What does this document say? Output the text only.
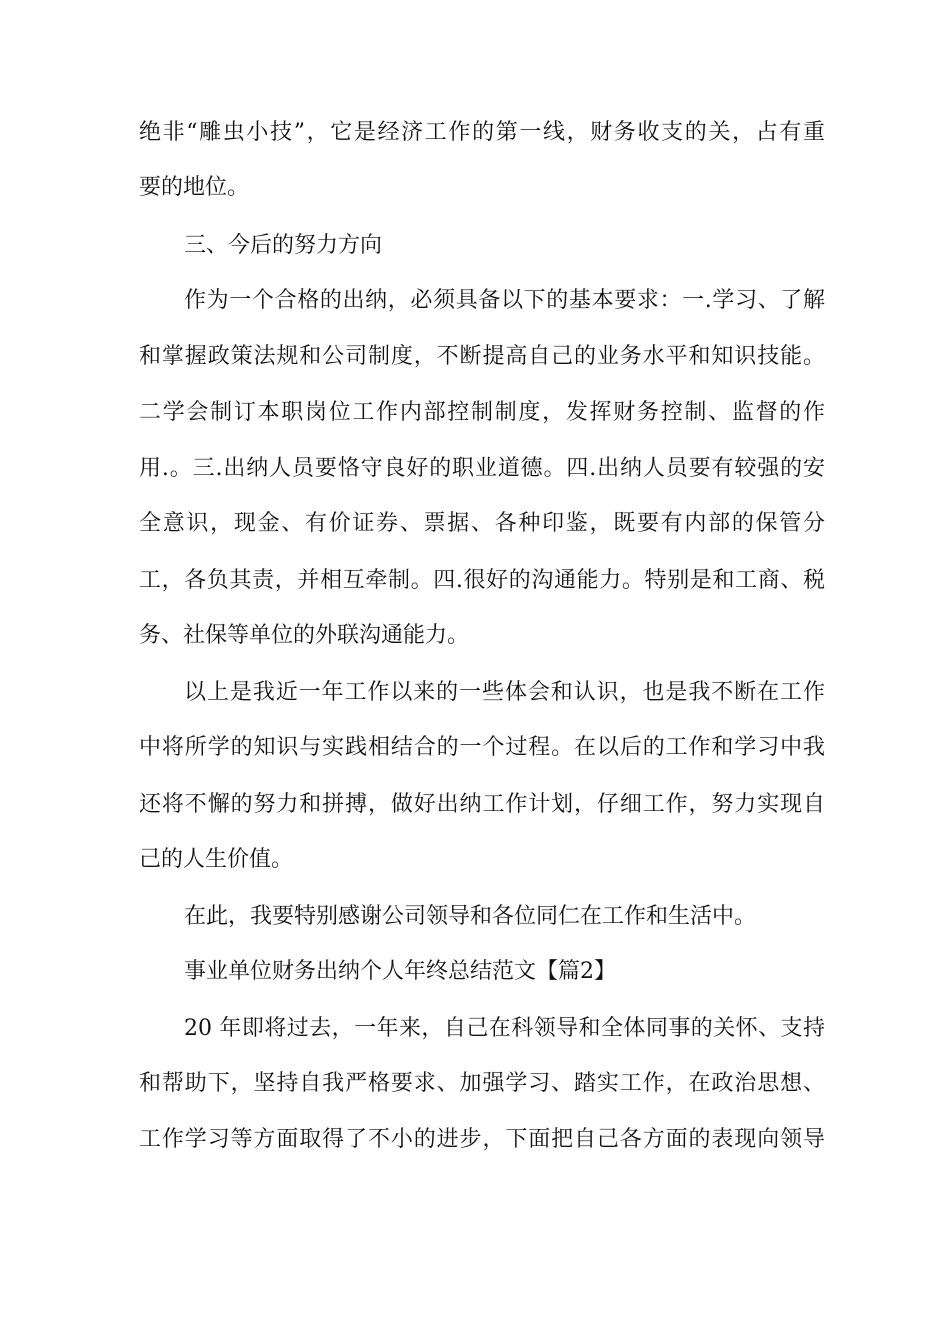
绝非“雕虫小技”，它是经济工作的第一线，财务收支的关，占有重
要的地位。
三、今后的努力方向
作为一个合格的出纳，必须具备以下的基本要求：一.学习、了解
和掌握政策法规和公司制度，不断提高自己的业务水平和知识技能。
二学会制订本职岗位工作内部控制制度，发挥财务控制、监督的作
用.。三.出纳人员要恪守良好的职业道德。四.出纳人员要有较强的安
全意识，现金、有价证券、票据、各种印鉴，既要有内部的保管分
工，各负其责，并相互牵制。四.很好的沟通能力。特别是和工商、税
务、社保等单位的外联沟通能力。
以上是我近一年工作以来的一些体会和认识，也是我不断在工作
中将所学的知识与实践相结合的一个过程。在以后的工作和学习中我
还将不懈的努力和拼搏，做好出纳工作计划，仔细工作，努力实现自
己的人生价值。
在此，我要特别感谢公司领导和各位同仁在工作和生活中。
事业单位财务出纳个人年终总结范文【篇2】
20 年即将过去，一年来，自己在科领导和全体同事的关怀、支持
和帮助下，坚持自我严格要求、加强学习、踏实工作，在政治思想、
工作学习等方面取得了不小的进步，下面把自己各方面的表现向领导
